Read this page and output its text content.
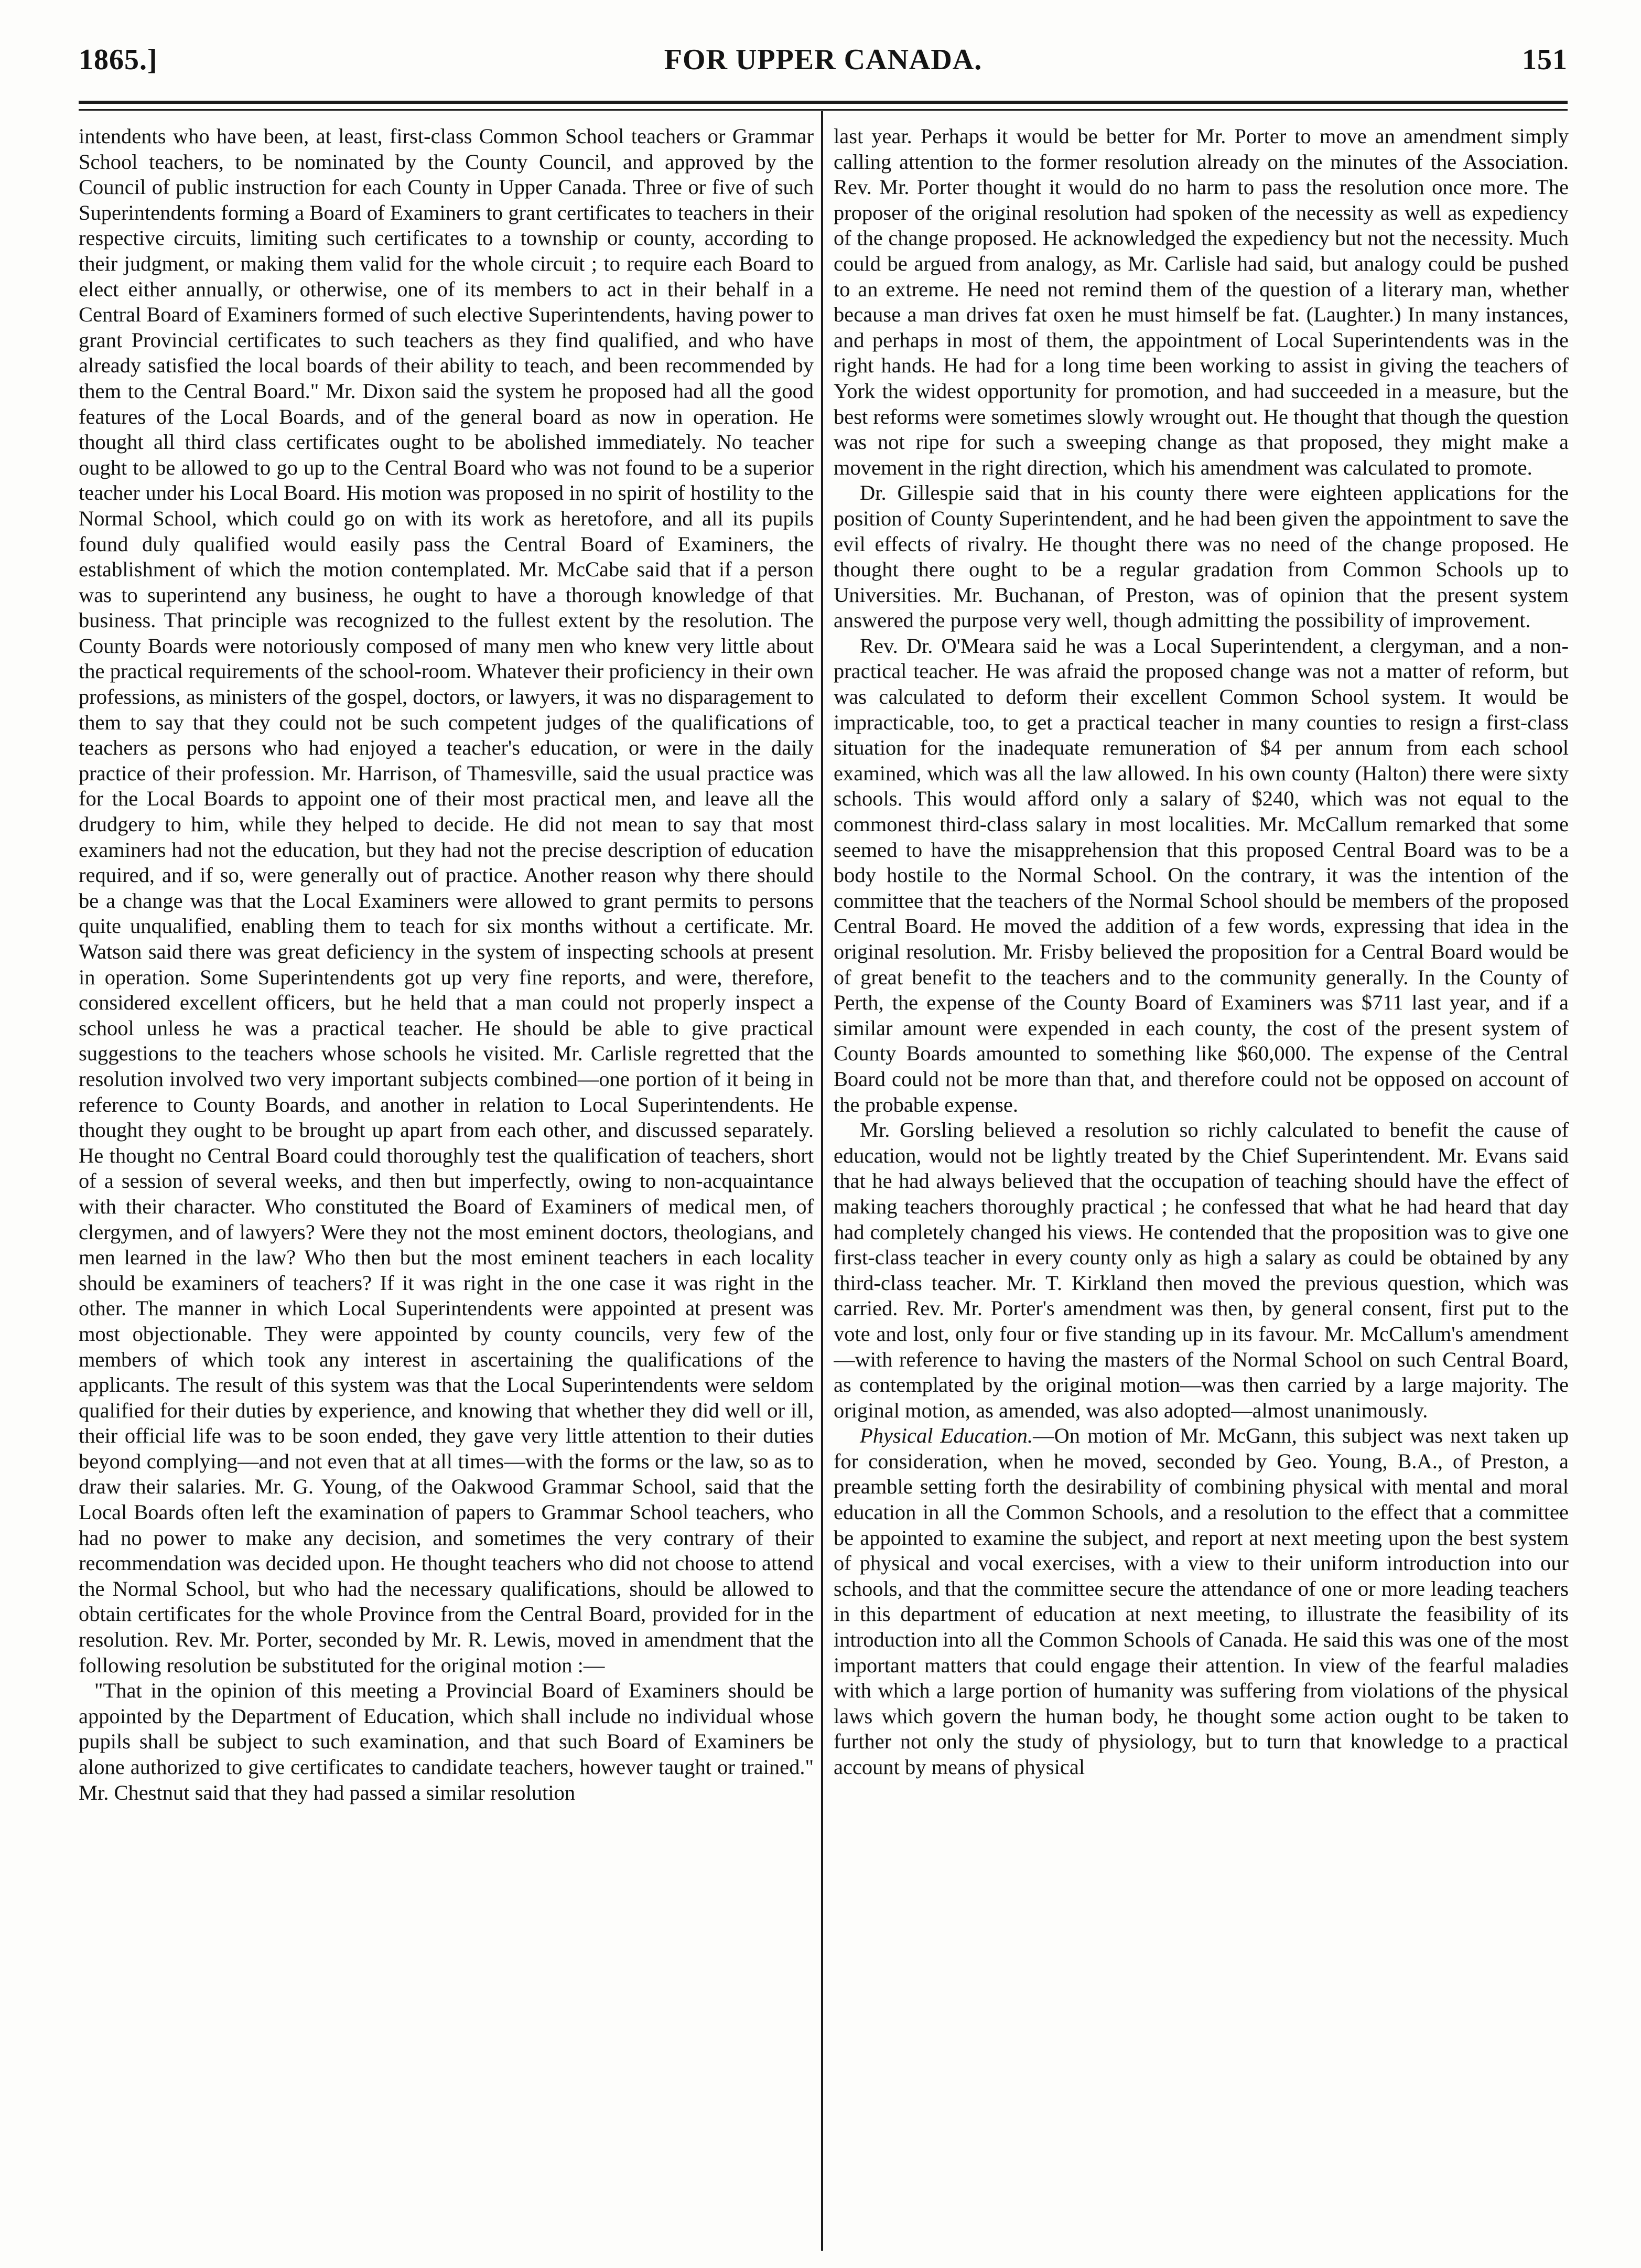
1865.]	FOR UPPER CANADA.	151

intendents who have been, at least, first-class Common School teachers or Grammar School teachers, to be nominated by the County Council, and approved by the Council of public instruction for each County in Upper Canada. Three or five of such Superintendents forming a Board of Examiners to grant certificates to teachers in their respective circuits, limiting such certificates to a township or county, according to their judgment, or making them valid for the whole circuit ; to require each Board to elect either annually, or otherwise, one of its members to act in their behalf in a Central Board of Examiners formed of such elective Superintendents, having power to grant Provincial certificates to such teachers as they find qualified, and who have already satisfied the local boards of their ability to teach, and been recommended by them to the Central Board." Mr. Dixon said the system he proposed had all the good features of the Local Boards, and of the general board as now in operation. He thought all third class certificates ought to be abolished immediately. No teacher ought to be allowed to go up to the Central Board who was not found to be a superior teacher under his Local Board. His motion was proposed in no spirit of hostility to the Normal School, which could go on with its work as heretofore, and all its pupils found duly qualified would easily pass the Central Board of Examiners, the establishment of which the motion contemplated. Mr. McCabe said that if a person was to superintend any business, he ought to have a thorough knowledge of that business. That principle was recognized to the fullest extent by the resolution. The County Boards were notoriously composed of many men who knew very little about the practical requirements of the school-room. Whatever their proficiency in their own professions, as ministers of the gospel, doctors, or lawyers, it was no disparagement to them to say that they could not be such competent judges of the qualifications of teachers as persons who had enjoyed a teacher's education, or were in the daily practice of their profession. Mr. Harrison, of Thamesville, said the usual practice was for the Local Boards to appoint one of their most practical men, and leave all the drudgery to him, while they helped to decide. He did not mean to say that most examiners had not the education, but they had not the precise description of education required, and if so, were generally out of practice. Another reason why there should be a change was that the Local Examiners were allowed to grant permits to persons quite unqualified, enabling them to teach for six months without a certificate. Mr. Watson said there was great deficiency in the system of inspecting schools at present in operation. Some Superintendents got up very fine reports, and were, therefore, considered excellent officers, but he held that a man could not properly inspect a school unless he was a practical teacher. He should be able to give practical suggestions to the teachers whose schools he visited. Mr. Carlisle regretted that the resolution involved two very important subjects combined—one portion of it being in reference to County Boards, and another in relation to Local Superintendents. He thought they ought to be brought up apart from each other, and discussed separately. He thought no Central Board could thoroughly test the qualification of teachers, short of a session of several weeks, and then but imperfectly, owing to non-acquaintance with their character. Who constituted the Board of Examiners of medical men, of clergymen, and of lawyers? Were they not the most eminent doctors, theologians, and men learned in the law? Who then but the most eminent teachers in each locality should be examiners of teachers? If it was right in the one case it was right in the other. The manner in which Local Superintendents were appointed at present was most objectionable. They were appointed by county councils, very few of the members of which took any interest in ascertaining the qualifications of the applicants. The result of this system was that the Local Superintendents were seldom qualified for their duties by experience, and knowing that whether they did well or ill, their official life was to be soon ended, they gave very little attention to their duties beyond complying—and not even that at all times—with the forms or the law, so as to draw their salaries. Mr. G. Young, of the Oakwood Grammar School, said that the Local Boards often left the examination of papers to Grammar School teachers, who had no power to make any decision, and sometimes the very contrary of their recommendation was decided upon. He thought teachers who did not choose to attend the Normal School, but who had the necessary qualifications, should be allowed to obtain certificates for the whole Province from the Central Board, provided for in the resolution. Rev. Mr. Porter, seconded by Mr. R. Lewis, moved in amendment that the following resolution be substituted for the original motion :—

"That in the opinion of this meeting a Provincial Board of Examiners should be appointed by the Department of Education, which shall include no individual whose pupils shall be subject to such examination, and that such Board of Examiners be alone authorized to give certificates to candidate teachers, however taught or trained." Mr. Chestnut said that they had passed a similar resolution

last year. Perhaps it would be better for Mr. Porter to move an amendment simply calling attention to the former resolution already on the minutes of the Association. Rev. Mr. Porter thought it would do no harm to pass the resolution once more. The proposer of the original resolution had spoken of the necessity as well as expediency of the change proposed. He acknowledged the expediency but not the necessity. Much could be argued from analogy, as Mr. Carlisle had said, but analogy could be pushed to an extreme. He need not remind them of the question of a literary man, whether because a man drives fat oxen he must himself be fat. (Laughter.) In many instances, and perhaps in most of them, the appointment of Local Superintendents was in the right hands. He had for a long time been working to assist in giving the teachers of York the widest opportunity for promotion, and had succeeded in a measure, but the best reforms were sometimes slowly wrought out. He thought that though the question was not ripe for such a sweeping change as that proposed, they might make a movement in the right direction, which his amendment was calculated to promote.

Dr. Gillespie said that in his county there were eighteen applications for the position of County Superintendent, and he had been given the appointment to save the evil effects of rivalry. He thought there was no need of the change proposed. He thought there ought to be a regular gradation from Common Schools up to Universities. Mr. Buchanan, of Preston, was of opinion that the present system answered the purpose very well, though admitting the possibility of improvement.

Rev. Dr. O'Meara said he was a Local Superintendent, a clergyman, and a non-practical teacher. He was afraid the proposed change was not a matter of reform, but was calculated to deform their excellent Common School system. It would be impracticable, too, to get a practical teacher in many counties to resign a first-class situation for the inadequate remuneration of $4 per annum from each school examined, which was all the law allowed. In his own county (Halton) there were sixty schools. This would afford only a salary of $240, which was not equal to the commonest third-class salary in most localities. Mr. McCallum remarked that some seemed to have the misapprehension that this proposed Central Board was to be a body hostile to the Normal School. On the contrary, it was the intention of the committee that the teachers of the Normal School should be members of the proposed Central Board. He moved the addition of a few words, expressing that idea in the original resolution. Mr. Frisby believed the proposition for a Central Board would be of great benefit to the teachers and to the community generally. In the County of Perth, the expense of the County Board of Examiners was $711 last year, and if a similar amount were expended in each county, the cost of the present system of County Boards amounted to something like $60,000. The expense of the Central Board could not be more than that, and therefore could not be opposed on account of the probable expense.

Mr. Gorsling believed a resolution so richly calculated to benefit the cause of education, would not be lightly treated by the Chief Superintendent. Mr. Evans said that he had always believed that the occupation of teaching should have the effect of making teachers thoroughly practical ; he confessed that what he had heard that day had completely changed his views. He contended that the proposition was to give one first-class teacher in every county only as high a salary as could be obtained by any third-class teacher. Mr. T. Kirkland then moved the previous question, which was carried. Rev. Mr. Porter's amendment was then, by general consent, first put to the vote and lost, only four or five standing up in its favour. Mr. McCallum's amendment—with reference to having the masters of the Normal School on such Central Board, as contemplated by the original motion—was then carried by a large majority. The original motion, as amended, was also adopted—almost unanimously.

Physical Education.—On motion of Mr. McGann, this subject was next taken up for consideration, when he moved, seconded by Geo. Young, B.A., of Preston, a preamble setting forth the desirability of combining physical with mental and moral education in all the Common Schools, and a resolution to the effect that a committee be appointed to examine the subject, and report at next meeting upon the best system of physical and vocal exercises, with a view to their uniform introduction into our schools, and that the committee secure the attendance of one or more leading teachers in this department of education at next meeting, to illustrate the feasibility of its introduction into all the Common Schools of Canada. He said this was one of the most important matters that could engage their attention. In view of the fearful maladies with which a large portion of humanity was suffering from violations of the physical laws which govern the human body, he thought some action ought to be taken to further not only the study of physiology, but to turn that knowledge to a practical account by means of physical
